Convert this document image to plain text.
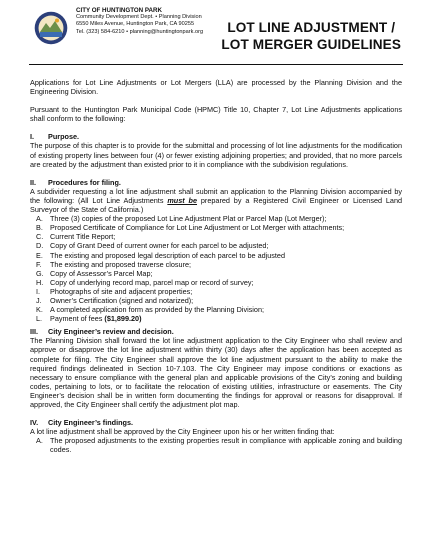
CITY OF HUNTINGTON PARK
Community Development Dept. • Planning Division
6550 Miles Avenue, Huntington Park, CA 90255
Tel. (323) 584-6210 • planning@huntingtonpark.org	LOT LINE ADJUSTMENT /
LOT MERGER GUIDELINES

Applications for Lot Line Adjustments or Lot Mergers (LLA) are processed by the Planning Division and the Engineering Division.

Pursuant to the Huntington Park Municipal Code (HPMC) Title 10, Chapter 7, Lot Line Adjustments applications shall conform to the following:

I. Purpose.

The purpose of this chapter is to provide for the submittal and processing of lot line adjustments for the modification of existing property lines between four (4) or fewer existing adjoining properties; and provided, that no more parcels are created by the adjustment than existed prior to it in compliance with the subdivision regulations.

II. Procedures for filing.

A subdivider requesting a lot line adjustment shall submit an application to the Planning Division accompanied by the following: (All Lot Line Adjustments must be prepared by a Registered Civil Engineer or Licensed Land Surveyor of the State of California.)

A. Three (3) copies of the proposed Lot Line Adjustment Plat or Parcel Map (Lot Merger);
B. Proposed Certificate of Compliance for Lot Line Adjustment or Lot Merger with attachments;
C. Current Title Report;
D. Copy of Grant Deed of current owner for each parcel to be adjusted;
E. The existing and proposed legal description of each parcel to be adjusted
F. The existing and proposed traverse closure;
G. Copy of Assessor’s Parcel Map;
H. Copy of underlying record map, parcel map or record of survey;
I. Photographs of site and adjacent properties;
J. Owner’s Certification (signed and notarized);
K. A completed application form as provided by the Planning Division;
L. Payment of fees ($1,899.20)
III. City Engineer’s review and decision.

The Planning Division shall forward the lot line adjustment application to the City Engineer who shall review and approve or disapprove the lot line adjustment within thirty (30) days after the application has been accepted as complete for filing. The City Engineer shall approve the lot line adjustment pursuant to the ability to make the required findings delineated in Section 10-7.103. The City Engineer may impose conditions or exactions as necessary to ensure compliance with the general plan and applicable provisions of the City’s zoning and building codes, pertaining to lots, or to facilitate the relocation of existing utilities, infrastructure or easements. The City Engineer’s decision shall be in written form documenting the findings for approval or reasons for disapproval. If approved, the City Engineer shall certify the adjustment plot map.

IV. City Engineer’s findings.

A lot line adjustment shall be approved by the City Engineer upon his or her written finding that:

A. The proposed adjustments to the existing properties result in compliance with applicable zoning and building codes.
